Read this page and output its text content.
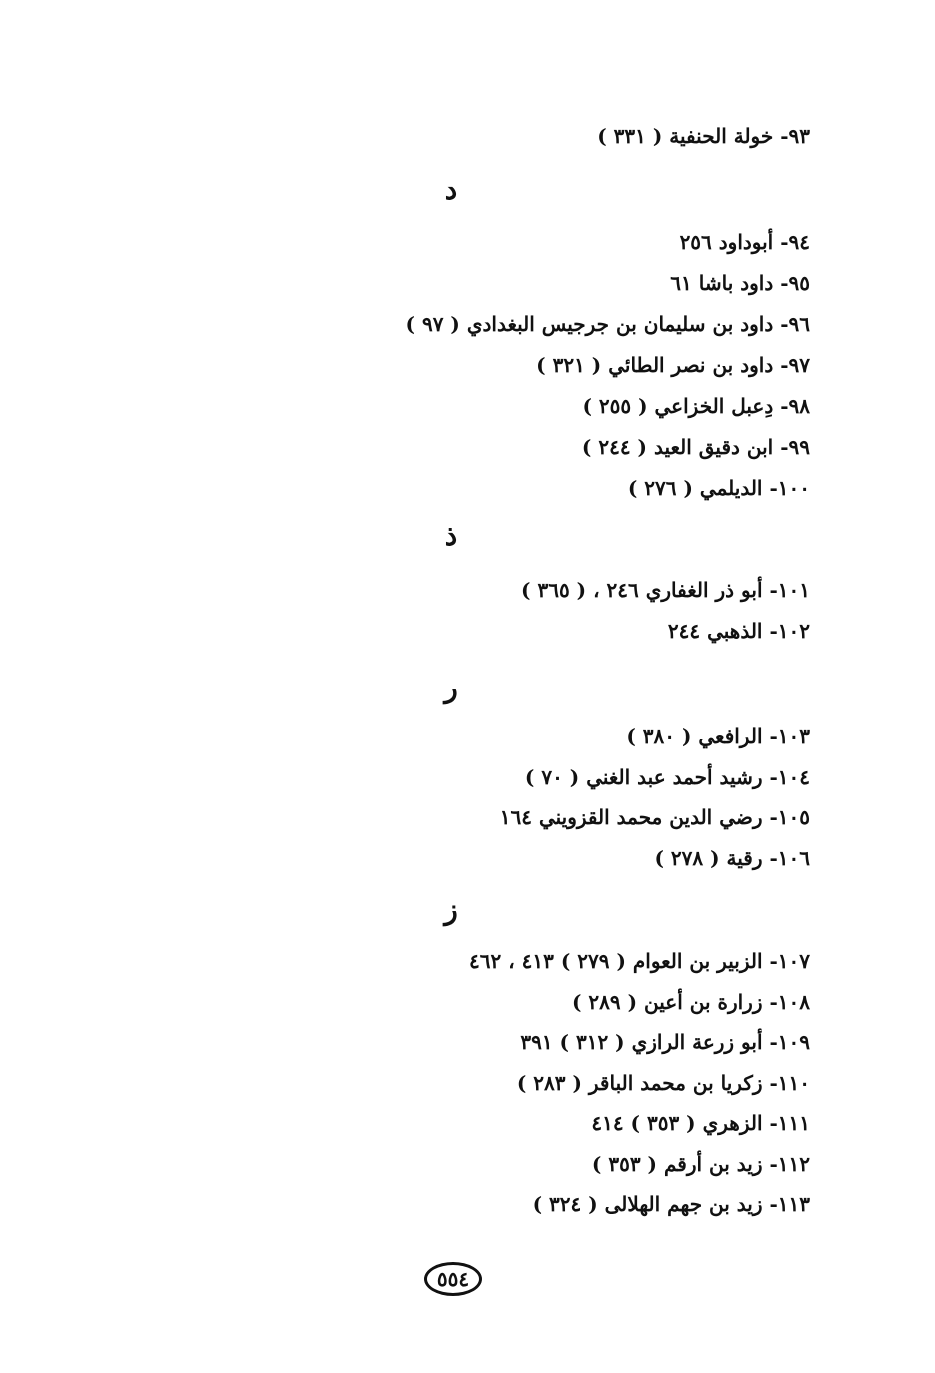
٩٣- خولة الحنفية ( ٣٣١ )
د
٩٤- أبوداود ٢٥٦
٩٥- داود باشا ٦١
٩٦- داود بن سليمان بن جرجيس البغدادي ( ٩٧ )
٩٧- داود بن نصر الطائي ( ٣٢١ )
٩٨- دِعبل الخزاعي ( ٢٥٥ )
٩٩- ابن دقيق العيد ( ٢٤٤ )
١٠٠- الديلمي ( ٢٧٦ )
ذ
١٠١- أبو ذر الغفاري ٢٤٦ ، ( ٣٦٥ )
١٠٢- الذهبي ٢٤٤
ر
١٠٣- الرافعي ( ٣٨٠ )
١٠٤- رشيد أحمد عبد الغني ( ٧٠ )
١٠٥- رضي الدين محمد القزويني ١٦٤
١٠٦- رقية ( ٢٧٨ )
ز
١٠٧- الزبير بن العوام ( ٢٧٩ ) ٤١٣ ، ٤٦٢
١٠٨- زرارة بن أعين ( ٢٨٩ )
١٠٩- أبو زرعة الرازي ( ٣١٢ ) ٣٩١
١١٠- زكريا بن محمد الباقر ( ٢٨٣ )
١١١- الزهري ( ٣٥٣ ) ٤١٤
١١٢- زيد بن أرقم ( ٣٥٣ )
١١٣- زيد بن جهم الهلالى ( ٣٢٤ )
٥٥٤
